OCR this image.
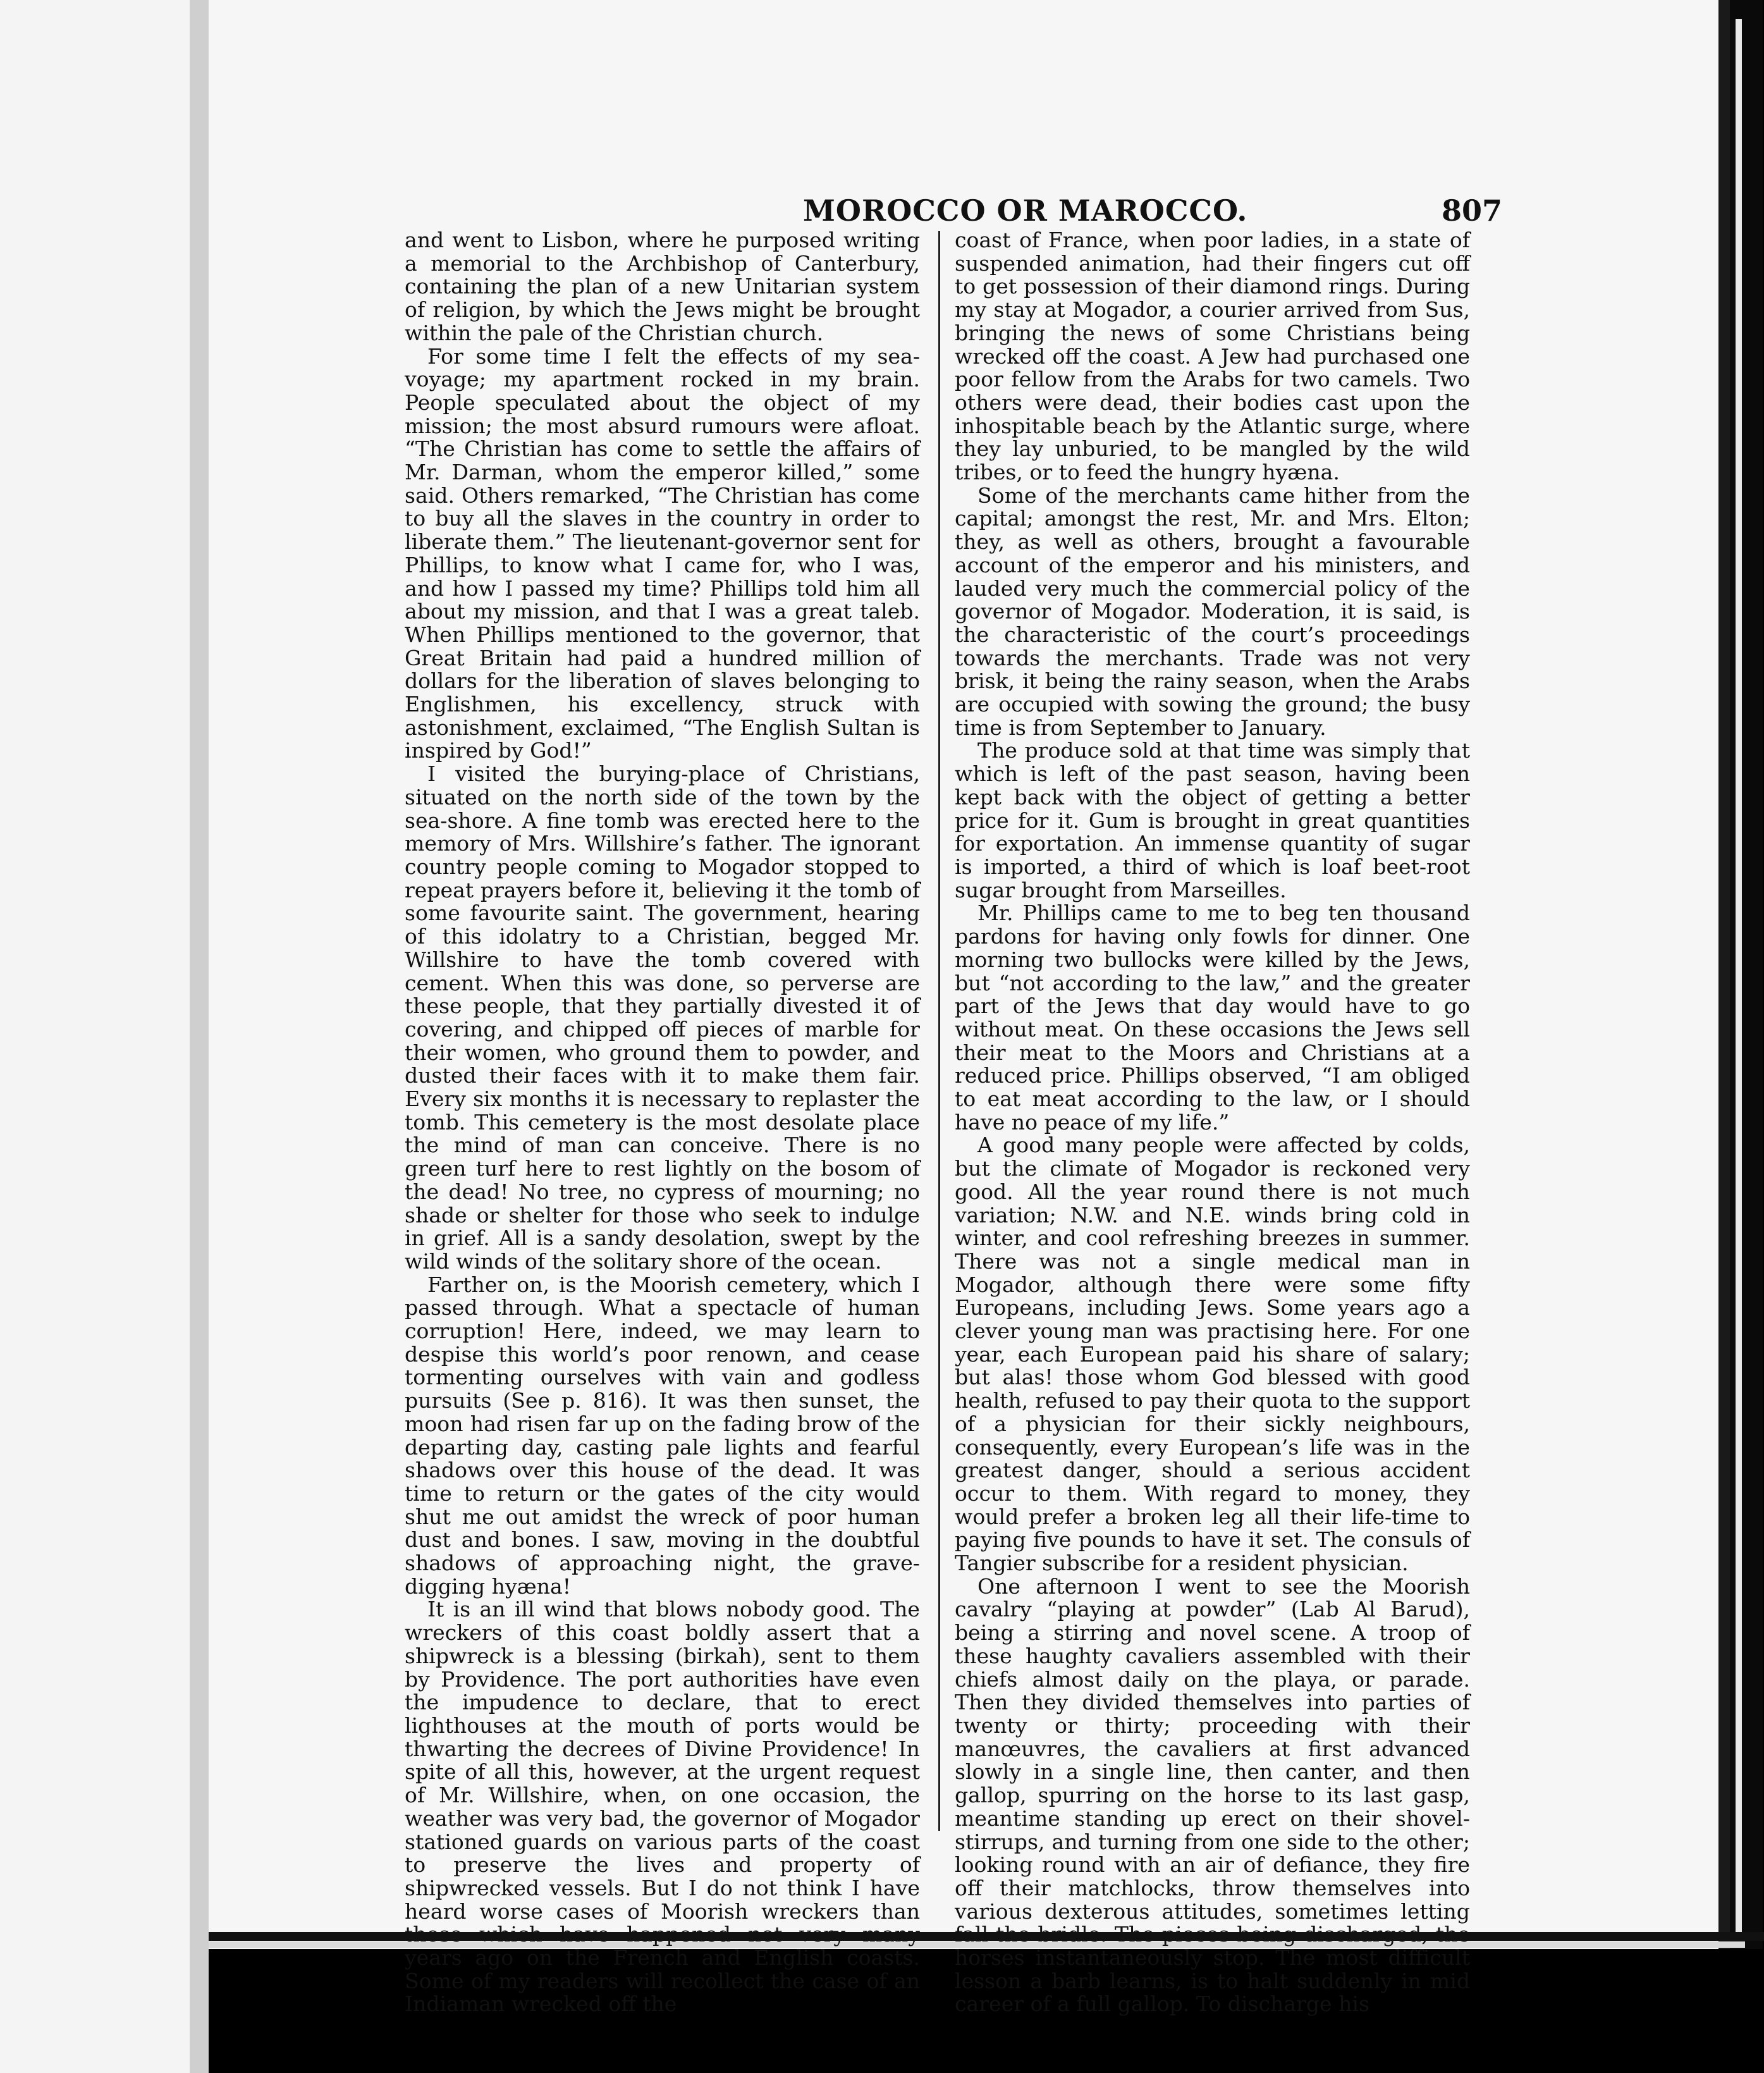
MOROCCO OR MAROCCO.	807

and went to Lisbon, where he purposed writing a memorial to the Archbishop of Canterbury, containing the plan of a new Unitarian system of religion, by which the Jews might be brought within the pale of the Christian church.

For some time I felt the effects of my sea-voyage; my apartment rocked in my brain. People speculated about the object of my mission; the most absurd rumours were afloat. “The Christian has come to settle the affairs of Mr. Darman, whom the emperor killed,” some said. Others remarked, “The Christian has come to buy all the slaves in the country in order to liberate them.” The lieutenant-governor sent for Phillips, to know what I came for, who I was, and how I passed my time? Phillips told him all about my mission, and that I was a great taleb. When Phillips mentioned to the governor, that Great Britain had paid a hundred million of dollars for the liberation of slaves belonging to Englishmen, his excellency, struck with astonishment, exclaimed, “The English Sultan is inspired by God!”

I visited the burying-place of Christians, situated on the north side of the town by the sea-shore. A fine tomb was erected here to the memory of Mrs. Willshire’s father. The ignorant country people coming to Mogador stopped to repeat prayers before it, believing it the tomb of some favourite saint. The government, hearing of this idolatry to a Christian, begged Mr. Willshire to have the tomb covered with cement. When this was done, so perverse are these people, that they partially divested it of covering, and chipped off pieces of marble for their women, who ground them to powder, and dusted their faces with it to make them fair. Every six months it is necessary to replaster the tomb. This cemetery is the most desolate place the mind of man can conceive. There is no green turf here to rest lightly on the bosom of the dead! No tree, no cypress of mourning; no shade or shelter for those who seek to indulge in grief. All is a sandy desolation, swept by the wild winds of the solitary shore of the ocean.

Farther on, is the Moorish cemetery, which I passed through. What a spectacle of human corruption! Here, indeed, we may learn to despise this world’s poor renown, and cease tormenting ourselves with vain and godless pursuits (See p. 816). It was then sunset, the moon had risen far up on the fading brow of the departing day, casting pale lights and fearful shadows over this house of the dead. It was time to return or the gates of the city would shut me out amidst the wreck of poor human dust and bones. I saw, moving in the doubtful shadows of approaching night, the grave-digging hyæna!

It is an ill wind that blows nobody good. The wreckers of this coast boldly assert that a shipwreck is a blessing (birkah), sent to them by Providence. The port authorities have even the impudence to declare, that to erect lighthouses at the mouth of ports would be thwarting the decrees of Divine Providence! In spite of all this, however, at the urgent request of Mr. Willshire, when, on one occasion, the weather was very bad, the governor of Mogador stationed guards on various parts of the coast to preserve the lives and property of shipwrecked vessels. But I do not think I have heard worse cases of Moorish wreckers than those which have happened not very many years ago on the French and English coasts. Some of my readers will recollect the case of an Indiaman wrecked off the

coast of France, when poor ladies, in a state of suspended animation, had their fingers cut off to get possession of their diamond rings. During my stay at Mogador, a courier arrived from Sus, bringing the news of some Christians being wrecked off the coast. A Jew had purchased one poor fellow from the Arabs for two camels. Two others were dead, their bodies cast upon the inhospitable beach by the Atlantic surge, where they lay unburied, to be mangled by the wild tribes, or to feed the hungry hyæna.

Some of the merchants came hither from the capital; amongst the rest, Mr. and Mrs. Elton; they, as well as others, brought a favourable account of the emperor and his ministers, and lauded very much the commercial policy of the governor of Mogador. Moderation, it is said, is the characteristic of the court’s proceedings towards the merchants. Trade was not very brisk, it being the rainy season, when the Arabs are occupied with sowing the ground; the busy time is from September to January.

The produce sold at that time was simply that which is left of the past season, having been kept back with the object of getting a better price for it. Gum is brought in great quantities for exportation. An immense quantity of sugar is imported, a third of which is loaf beet-root sugar brought from Marseilles.

Mr. Phillips came to me to beg ten thousand pardons for having only fowls for dinner. One morning two bullocks were killed by the Jews, but “not according to the law,” and the greater part of the Jews that day would have to go without meat. On these occasions the Jews sell their meat to the Moors and Christians at a reduced price. Phillips observed, “I am obliged to eat meat according to the law, or I should have no peace of my life.”

A good many people were affected by colds, but the climate of Mogador is reckoned very good. All the year round there is not much variation; N.W. and N.E. winds bring cold in winter, and cool refreshing breezes in summer. There was not a single medical man in Mogador, although there were some fifty Europeans, including Jews. Some years ago a clever young man was practising here. For one year, each European paid his share of salary; but alas! those whom God blessed with good health, refused to pay their quota to the support of a physician for their sickly neighbours, consequently, every European’s life was in the greatest danger, should a serious accident occur to them. With regard to money, they would prefer a broken leg all their life-time to paying five pounds to have it set. The consuls of Tangier subscribe for a resident physician.

One afternoon I went to see the Moorish cavalry “playing at powder” (Lab Al Barud), being a stirring and novel scene. A troop of these haughty cavaliers assembled with their chiefs almost daily on the playa, or parade. Then they divided themselves into parties of twenty or thirty; proceeding with their manœuvres, the cavaliers at first advanced slowly in a single line, then canter, and then gallop, spurring on the horse to its last gasp, meantime standing up erect on their shovel-stirrups, and turning from one side to the other; looking round with an air of defiance, they fire off their matchlocks, throw themselves into various dexterous attitudes, sometimes letting fall the bridle. The pieces being discharged, the horses instantaneously stop. The most difficult lesson a barb learns, is to halt suddenly in mid career of a full gallop. To discharge his
